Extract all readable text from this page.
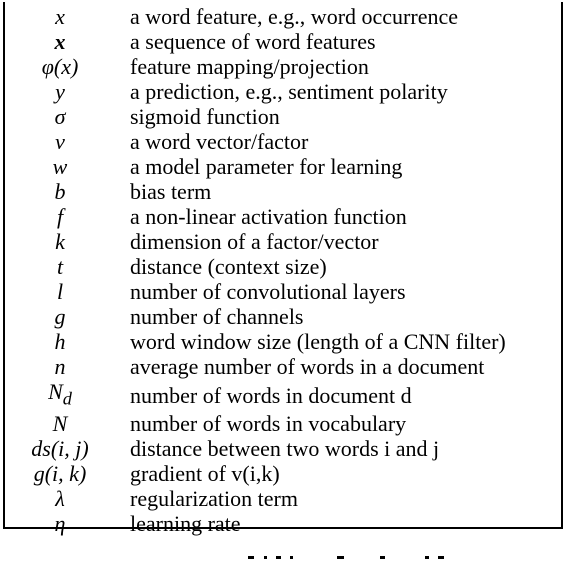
x	a word feature, e.g., word occurrence
x	a sequence of word features
φ(x)	feature mapping/projection
y	a prediction, e.g., sentiment polarity
σ	sigmoid function
v	a word vector/factor
w	a model parameter for learning
b	bias term
f	a non-linear activation function
k	dimension of a factor/vector
t	distance (context size)
l	number of convolutional layers
g	number of channels
h	word window size (length of a CNN filter)
n	average number of words in a document
$N_d$	number of words in document d
N	number of words in vocabulary
ds(i, j)	distance between two words i and j
g(i, k)	gradient of v(i,k)
λ	regularization term
η	learning rate
